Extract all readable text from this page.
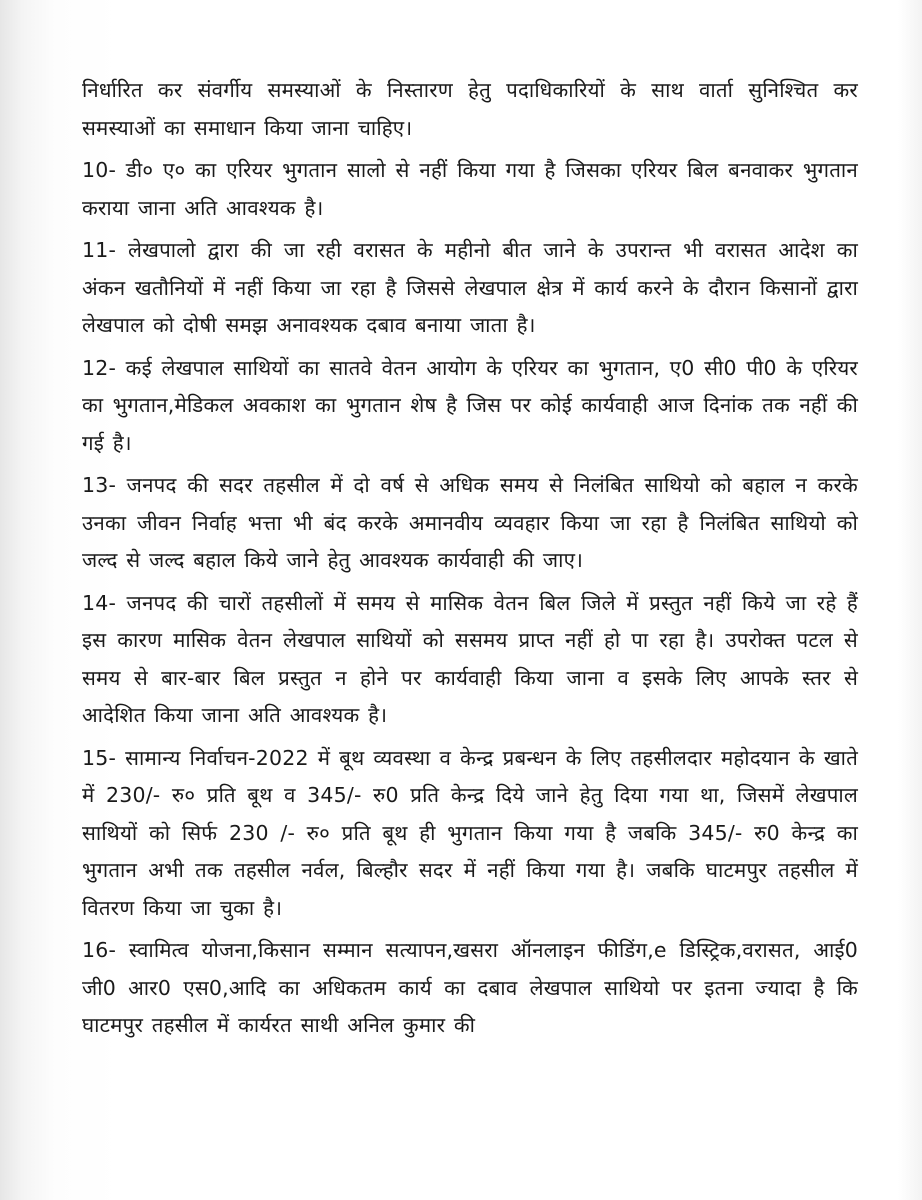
निर्धारित कर संवर्गीय समस्याओं के निस्तारण हेतु पदाधिकारियों के साथ वार्ता सुनिश्चित कर समस्याओं का समाधान किया जाना चाहिए।

10- डी० ए० का एरियर भुगतान सालो से नहीं किया गया है जिसका एरियर बिल बनवाकर भुगतान कराया जाना अति आवश्यक है।

11- लेखपालो द्वारा की जा रही वरासत के महीनो बीत जाने के उपरान्त भी वरासत आदेश का अंकन खतौनियों में नहीं किया जा रहा है जिससे लेखपाल क्षेत्र में कार्य करने के दौरान किसानों द्वारा लेखपाल को दोषी समझ अनावश्यक दबाव बनाया जाता है।

12- कई लेखपाल साथियों का सातवे वेतन आयोग के एरियर का भुगतान, ए0 सी0 पी0 के एरियर का भुगतान,मेडिकल अवकाश का भुगतान शेष है जिस पर कोई कार्यवाही आज दिनांक तक नहीं की गई है।

13- जनपद की सदर तहसील में दो वर्ष से अधिक समय से निलंबित साथियो को बहाल न करके उनका जीवन निर्वाह भत्ता भी बंद करके अमानवीय व्यवहार किया जा रहा है निलंबित साथियो को जल्द से जल्द बहाल किये जाने हेतु आवश्यक कार्यवाही की जाए।

14- जनपद की चारों तहसीलों में समय से मासिक वेतन बिल जिले में प्रस्तुत नहीं किये जा रहे हैं इस कारण मासिक वेतन लेखपाल साथियों को ससमय प्राप्त नहीं हो पा रहा है। उपरोक्त पटल से समय से बार-बार बिल प्रस्तुत न होने पर कार्यवाही किया जाना व इसके लिए आपके स्तर से आदेशित किया जाना अति आवश्यक है।

15- सामान्य निर्वाचन-2022 में बूथ व्यवस्था व केन्द्र प्रबन्धन के लिए तहसीलदार महोदयान के खाते में 230/- रु० प्रति बूथ व 345/- रु0 प्रति केन्द्र दिये जाने हेतु दिया गया था, जिसमें लेखपाल साथियों को सिर्फ 230 /- रु० प्रति बूथ ही भुगतान किया गया है जबकि 345/- रु0 केन्द्र का भुगतान अभी तक तहसील नर्वल, बिल्हौर सदर में नहीं किया गया है। जबकि घाटमपुर तहसील में वितरण किया जा चुका है।

16- स्वामित्व योजना,किसान सम्मान सत्यापन,खसरा ऑनलाइन फीडिंग,e डिस्ट्रिक,वरासत, आई0 जी0 आर0 एस0,आदि का अधिकतम कार्य का दबाव लेखपाल साथियो पर इतना ज्यादा है कि घाटमपुर तहसील में कार्यरत साथी अनिल कुमार की
